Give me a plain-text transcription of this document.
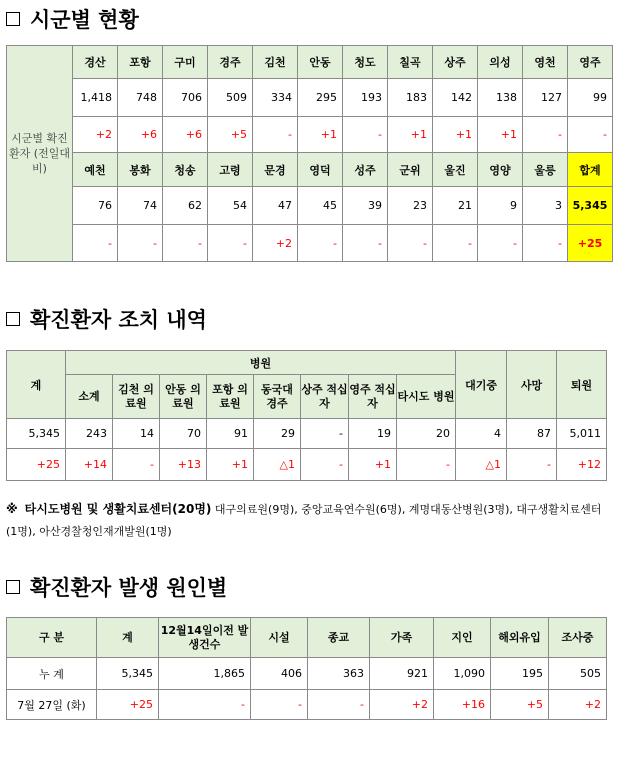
시군별 현황
시군별 확진환자 (전일대비)	경산	포항	구미	경주	김천	안동	청도	칠곡	상주	의성	영천	영주
	1,418	748	706	509	334	295	193	183	142	138	127	99
	+2	+6	+6	+5	-	+1	-	+1	+1	+1	-	-
	예천	봉화	청송	고령	문경	영덕	성주	군위	울진	영양	울릉	합계
	76	74	62	54	47	45	39	23	21	9	3	5,345
	-	-	-	-	+2	-	-	-	-	-	-	+25
확진환자 조치 내역
계	병원								대기중	사망	퇴원
	소계	김천 의료원	안동 의료원	포항 의료원	동국대 경주	상주 적십자	영주 적십자	타시도 병원			
5,345	243	14	70	91	29	-	19	20	4	87	5,011
+25	+14	-	+13	+1	△1	-	+1	-	△1	-	+12
※ 타시도병원 및 생활치료센터(20명) 대구의료원(9명), 중앙교육연수원(6명), 계명대동산병원(3명), 대구생활치료센터(1명), 아산경찰청인재개발원(1명)
확진환자 발생 원인별
구 분	계	12월14일이전 발생건수	시설	종교	가족	지인	해외유입	조사중
누 계	5,345	1,865	406	363	921	1,090	195	505
7월 27일 (화)	+25	-	-	-	+2	+16	+5	+2
